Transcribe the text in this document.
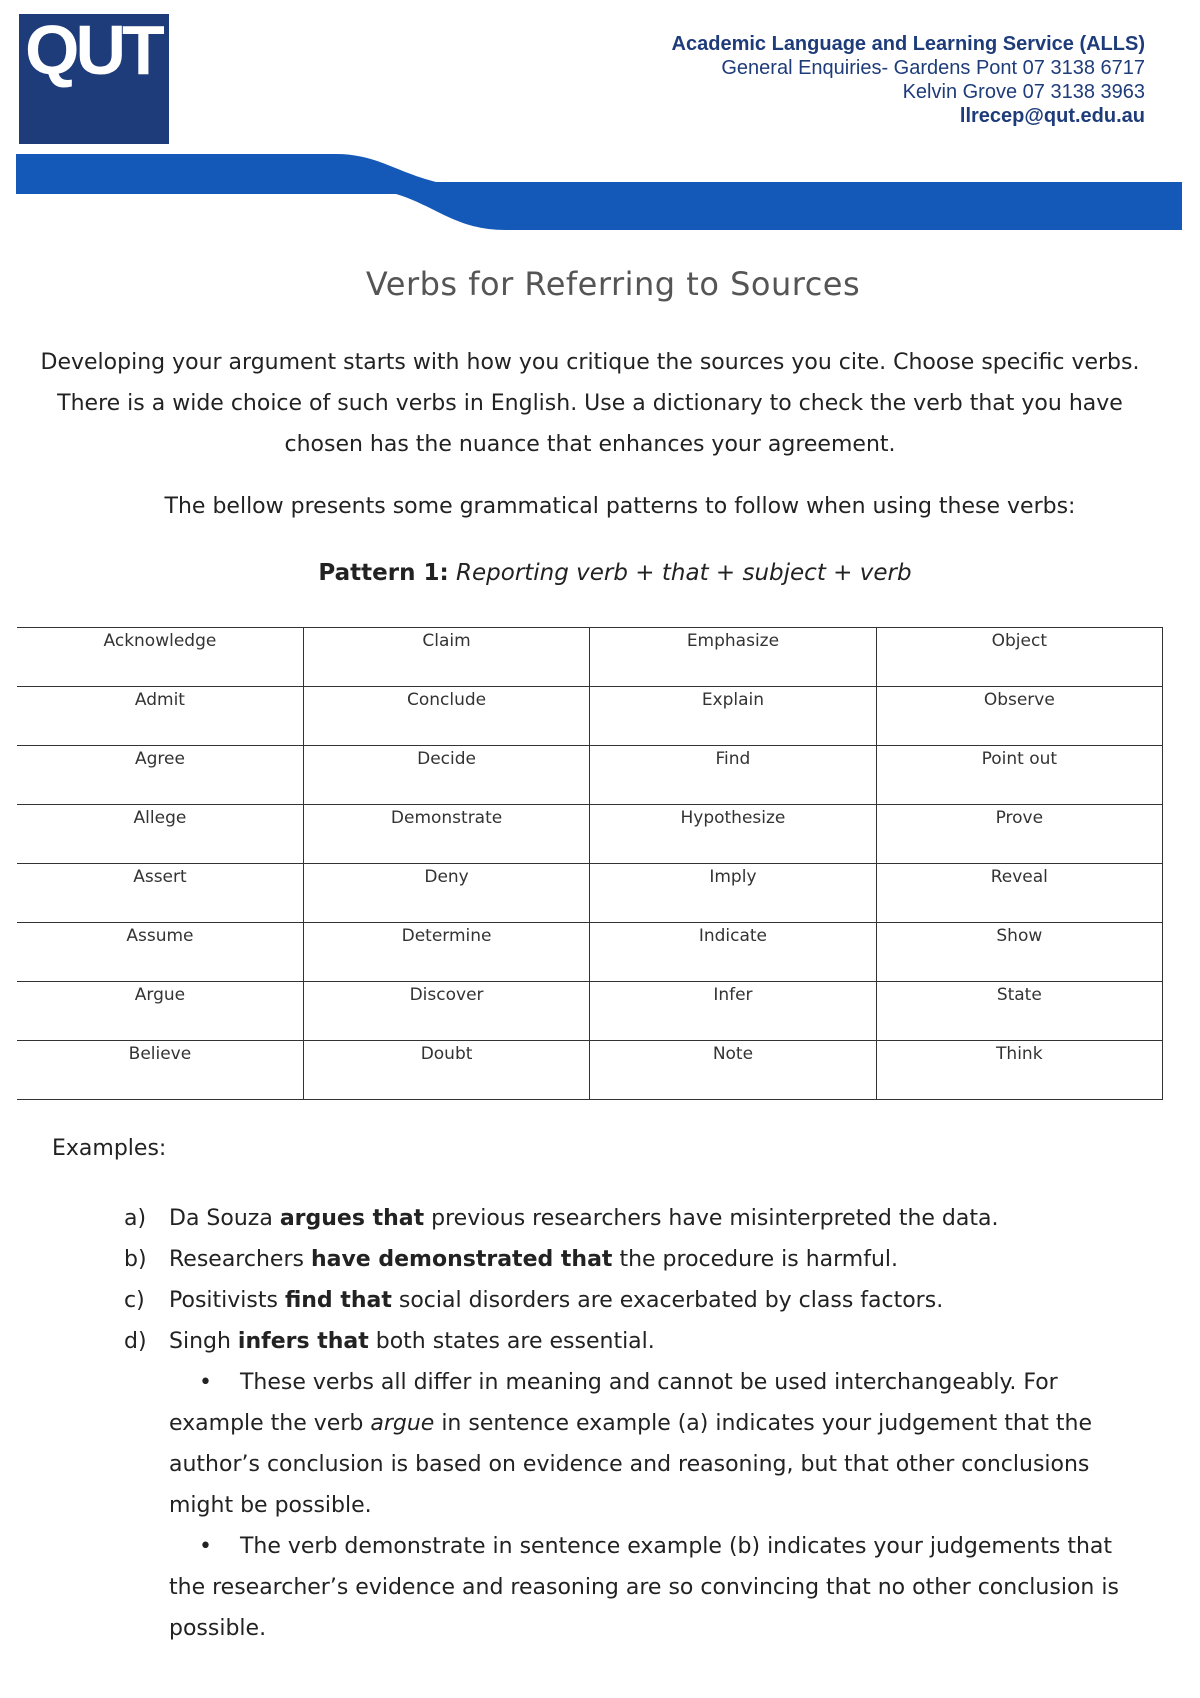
QUT	Academic Language and Learning Service (ALLS)
General Enquiries- Gardens Pont 07 3138 6717
Kelvin Grove 07 3138 3963
llrecep@qut.edu.au
Verbs for Referring to Sources
Developing your argument starts with how you critique the sources you cite. Choose specific verbs. There is a wide choice of such verbs in English. Use a dictionary to check the verb that you have chosen has the nuance that enhances your agreement.
The bellow presents some grammatical patterns to follow when using these verbs:
Pattern 1: Reporting verb + that + subject + verb
Acknowledge	Claim	Emphasize	Object
Admit	Conclude	Explain	Observe
Agree	Decide	Find	Point out
Allege	Demonstrate	Hypothesize	Prove
Assert	Deny	Imply	Reveal
Assume	Determine	Indicate	Show
Argue	Discover	Infer	State
Believe	Doubt	Note	Think
Examples:
a)	Da Souza argues that previous researchers have misinterpreted the data.
b)	Researchers have demonstrated that the procedure is harmful.
c)	Positivists find that social disorders are exacerbated by class factors.
d)	Singh infers that both states are essential.
• These verbs all differ in meaning and cannot be used interchangeably. For example the verb argue in sentence example (a) indicates your judgement that the author’s conclusion is based on evidence and reasoning, but that other conclusions might be possible.
• The verb demonstrate in sentence example (b) indicates your judgements that the researcher’s evidence and reasoning are so convincing that no other conclusion is possible.
